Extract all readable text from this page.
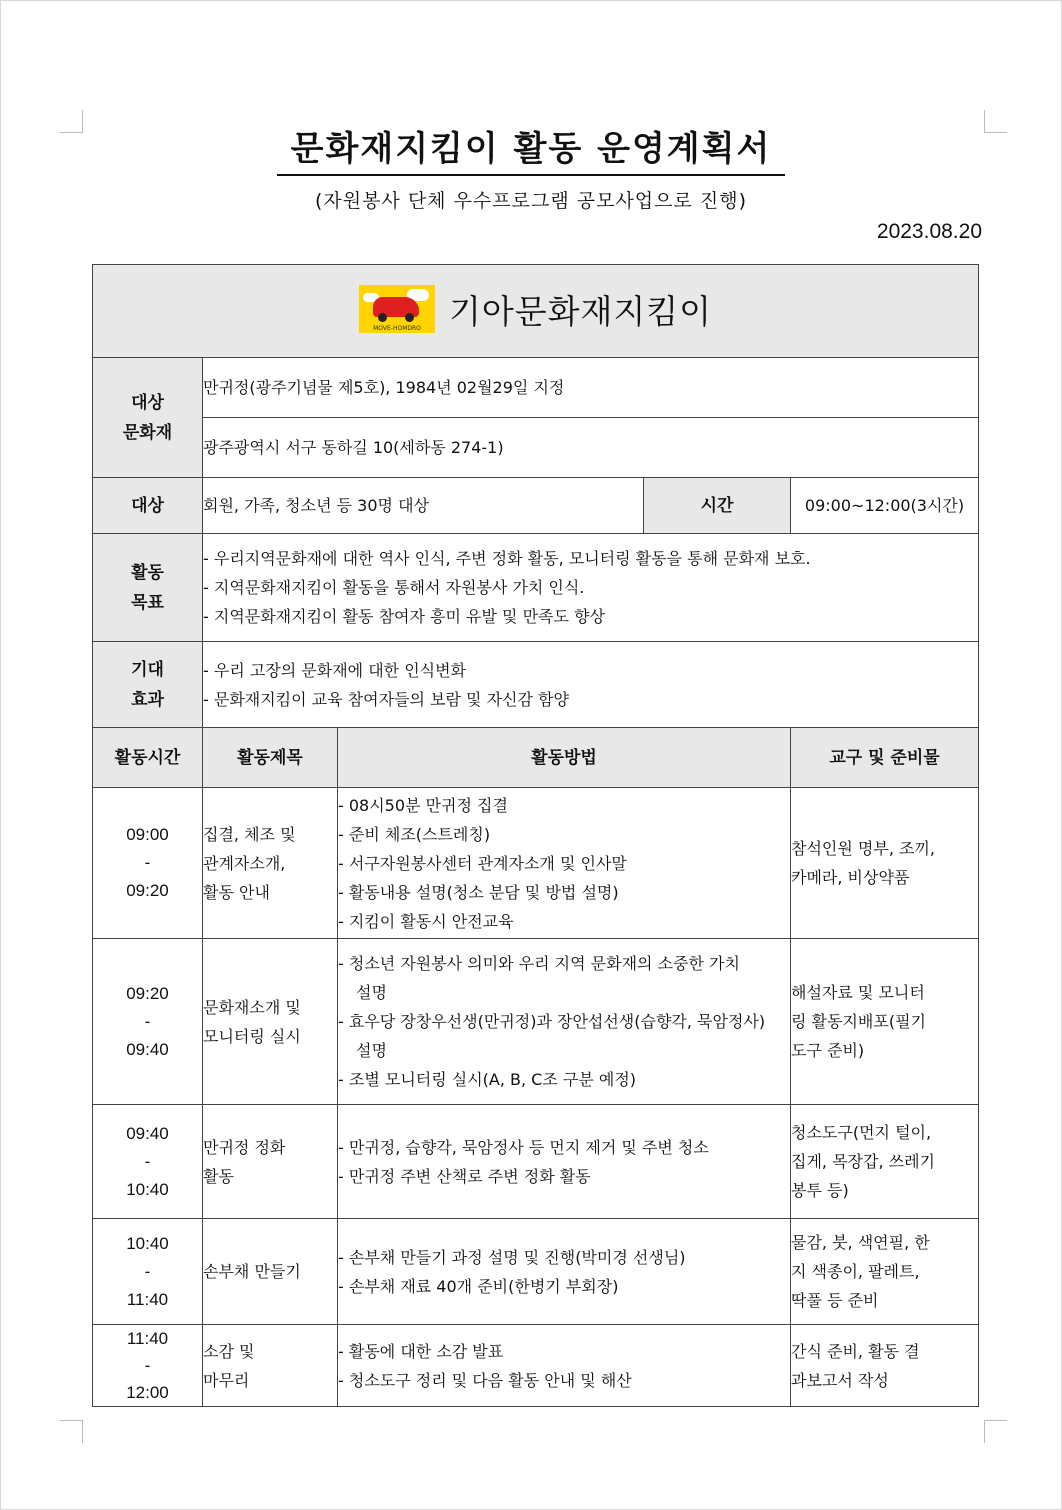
문화재지킴이 활동 운영계획서
(자원봉사 단체 우수프로그램 공모사업으로 진행)
2023.08.20
MOVE-HOMDRO 기아문화재지킴이				

대상
문화재	만귀정(광주기념물 제5호), 1984년 02월29일 지정			
	광주광역시 서구 동하길 10(세하동 274-1)			
대상	회원, 가족, 청소년 등 30명 대상		시간	09:00~12:00(3시간)

활동
목표	- 우리지역문화재에 대한 역사 인식, 주변 정화 활동, 모니터링 활동을 통해 문화재 보호.
- 지역문화재지킴이 활동을 통해서 자원봉사 가치 인식.
- 지역문화재지킴이 활동 참여자 흥미 유발 및 만족도 향상			

기대
효과	- 우리 고장의 문화재에 대한 인식변화
- 문화재지킴이 교육 참여자들의 보람 및 자신감 함양			

활동시간	활동제목	활동방법		교구 및 준비물

09:00
-
09:20	집결, 체조 및
관계자소개,
활동 안내	- 08시50분 만귀정 집결
- 준비 체조(스트레칭)
- 서구자원봉사센터 관계자소개 및 인사말
- 활동내용 설명(청소 분담 및 방법 설명)
- 지킴이 활동시 안전교육		참석인원 명부, 조끼,
카메라, 비상약품

09:20
-
09:40	문화재소개 및
모니터링 실시	- 청소년 자원봉사 의미와 우리 지역 문화재의 소중한 가치 설명
- 효우당 장창우선생(만귀정)과 장안섭선생(습향각, 묵암정사)설명
- 조별 모니터링 실시(A, B, C조 구분 예정)		해설자료 및 모니터
링 활동지배포(필기
도구 준비)

09:40
-
10:40	만귀정 정화
활동	- 만귀정, 습향각, 묵암정사 등 먼지 제거 및 주변 청소
- 만귀정 주변 산책로 주변 정화 활동		청소도구(먼지 털이,
집게, 목장갑, 쓰레기
봉투 등)

10:40
-
11:40	손부채 만들기	- 손부채 만들기 과정 설명 및 진행(박미경 선생님)
- 손부채 재료 40개 준비(한병기 부회장)		물감, 붓, 색연필, 한
지 색종이, 팔레트,
딱풀 등 준비

11:40
-
12:00	소감 및
마무리	- 활동에 대한 소감 발표
- 청소도구 정리 및 다음 활동 안내 및 해산		간식 준비, 활동 결
과보고서 작성
